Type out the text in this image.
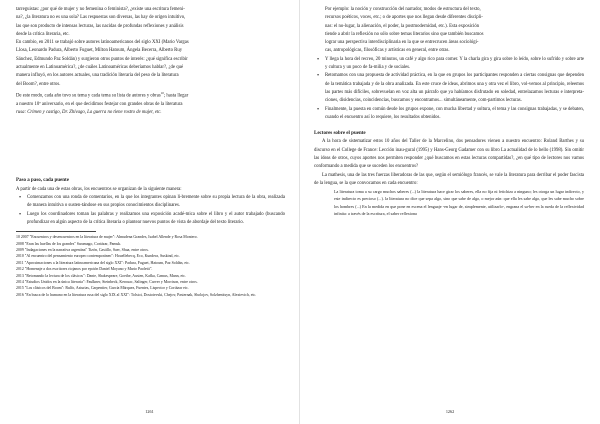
tarreguistas: ¿por qué de mujer y no femenina o feminista?, ¿existe una escritura femeni-

na?, ¿la literatura no es una sola? Las respuestas son diversas, las hay de origen intuitivo,

las que son producto de intensas lecturas, las nacidas de profundas reflexiones y análisis

desde la crítica literaria, etc.

En cambio, en 2011 se trabajó sobre autores latinoamericanos del siglo XXI (Mario Vargas

Llosa, Leonardo Padura, Alberto Fuguet, Milton Hatoum, Ángela Becerra, Alberto Ruy

Sánchez, Edmundo Paz Soldán) y surgieron otros puntos de interés: ¿qué significa escribir

actualmente en Latinoamérica?, ¿de cuáles Latinoaméricas deberíamos hablar?, ¿de qué

manera influyó, en los autores actuales, una tradición literaria del peso de la literatura

del Boom?, entre otros.

De este modo, cada año tuvo su tema y cada tema su lista de autores y obras$^{10}$; hasta llegar

a nuestro 10º aniversario, en el que decidimos festejar con grandes obras de la literatura

rusa: Crimen y castigo, Dr. Zhivago, La guerra no tiene rostro de mujer, etc.

Paso a paso, cada puente

A partir de cada una de estas obras, los encuentros se organizan de la siguiente manera:

• Comenzamos con una ronda de comentarios, en la que los integrantes opinan li-bremente sobre su propia lectura de la obra, realizada de manera intuitiva o susten-tándose en sus propios conocimientos disciplinares.
• Luego los coordinadores toman las palabras y realizamos una exposición acadé-mica sobre el libro y el autor trabajado (buscando profundizar en algún aspecto de la crítica literaria o plantear nuevos puntos de vista de abordaje del texto literario.

10 2007 "Encuentros y desencuentros en la literatura de mujer": Almudena Grandes, Isabel Allende y Rosa Montero.

2008 "Eran las huellas de los grandes" Saramago, Cortázar, Pamuk.

2009 "Indagaciones en la narrativa argentina" Tizón, Castillo, Saer, Shua, entre otros.

2010 "Al encuentro del pensamiento europeo contemporáneo": Houellebecq, Eco, Kundera, Suskind, etc.

2011 "Aproximaciones a la literatura latinoamericana del siglo XXI": Padura, Fuguet, Hatoum, Paz Soldán, etc.

2012 "Homenaje a dos escritores riojanos por epción Daniel Moyano y Mario Paoletti".

2013 "Retomando la lectura de los clásicos": Dante, Shakespeare, Goethe, Austen, Kafka, Camus, Mann, etc.

2014 "Estudios Unidos en la única literaria": Faulkner, Steinbeck, Kerouac, Salinger, Carver y Morrison, entre otros.

2015 "Los clásicos del Boom": Rulfo, Asturias, Carpentier, García Márquez, Fuentes, Lispector y Cortázar etc.

2016 "En busca de lo humano en la literatura rusa del siglo XIX al XXI": Tolstoi, Dostoievski, Chejov, Pasternak, Sholojov, Solzhenitsyn, Alexievich, etc.

1261

Por ejemplo: la noción y construcción del narrador, modos de estructura del texto,

recursos poéticos, voces, etc.; o de aportes que nos llegan desde diferentes discipli-

nas: el no-lugar, la alienación, el poder, la postmodernidad, etc.). Esta exposición

tiende a abrir la reflexión no sólo sobre temas literarios sino que también buscamos

lograr una perspectiva interdisciplinaria en la que se entrecrucen áreas sociológi-

cas, antropológicas, filosóficas y artísticas en general, entre otras.

• Y llega la hora del recreo, 20 minutos, un café y algo rico para comer. Y la charla gira y gira sobre lo leído, sobre lo sufrido y sobre arte y cultura y un poco de fa-milia y de sociales.
• Retomamos con una propuesta de actividad práctica, en la que en grupos los participantes responden a ciertas consignas que dependen de la temática trabajada y de la obra analizada. En este cruce de ideas, abrimos una y otra vez el libro, vol-vemos al principio, releemos las partes más difíciles, sobrevuelan en voz alta un párrafo que ya habíamos disfrutado en soledad, entrelazamos lecturas e interpreta-ciones, disidencias, coincidencias, buscamos y encontramos... simultáneamente, com-partimos lecturas.
• Finalmente, la puesta en común desde los grupos expone, con mucha libertad y soltura, el tema y las consignas trabajadas, y se debaten, cuando el encuentro así lo requiere, los resultados obtenidos.
Lectores sobre el puente

A la hora de sistematizar estos 10 años del Taller de la Marcelino, dos pensadores vienen a nuestro encuentro: Roland Barthes y su discurso en el College de France: Lección inau-gural (1995) y Hans-Georg Gadamer con su libro La actualidad de lo bello (1998). Sin omitir las ideas de otros, cuyos aportes nos permiten responder ¿qué buscamos en estas lecturas compartidas?, ¿en qué tipo de lectores nos vamos conformando a medida que se suceden los encuentros?

La mathesis, una de las tres fuerzas liberadoras de las que, según el semiólogo francés, se vale la literatura para derribar el poder fascista de la lengua, se la que convocamos en cada encuentro:

La literatura toma a su cargo muchos saberes (...) la literatura hace girar los saberes, ella no fija ni fetichiza a ninguno; les otorga un lugar indirecto, y este indirecto es precioso (...). la literatura no dice que sepa algo, sino que sabe de algo, o mejor aún: que ella les sabe algo, que les sabe mucho sobre los hombres (...) En la medida en que pone en escena el lenguaje -en lugar de, simplemente, utilizarlo-, engrana el sa-ber en la rueda de la reflexividad infinita: a través de la escritura, el saber reflexiona

1262
